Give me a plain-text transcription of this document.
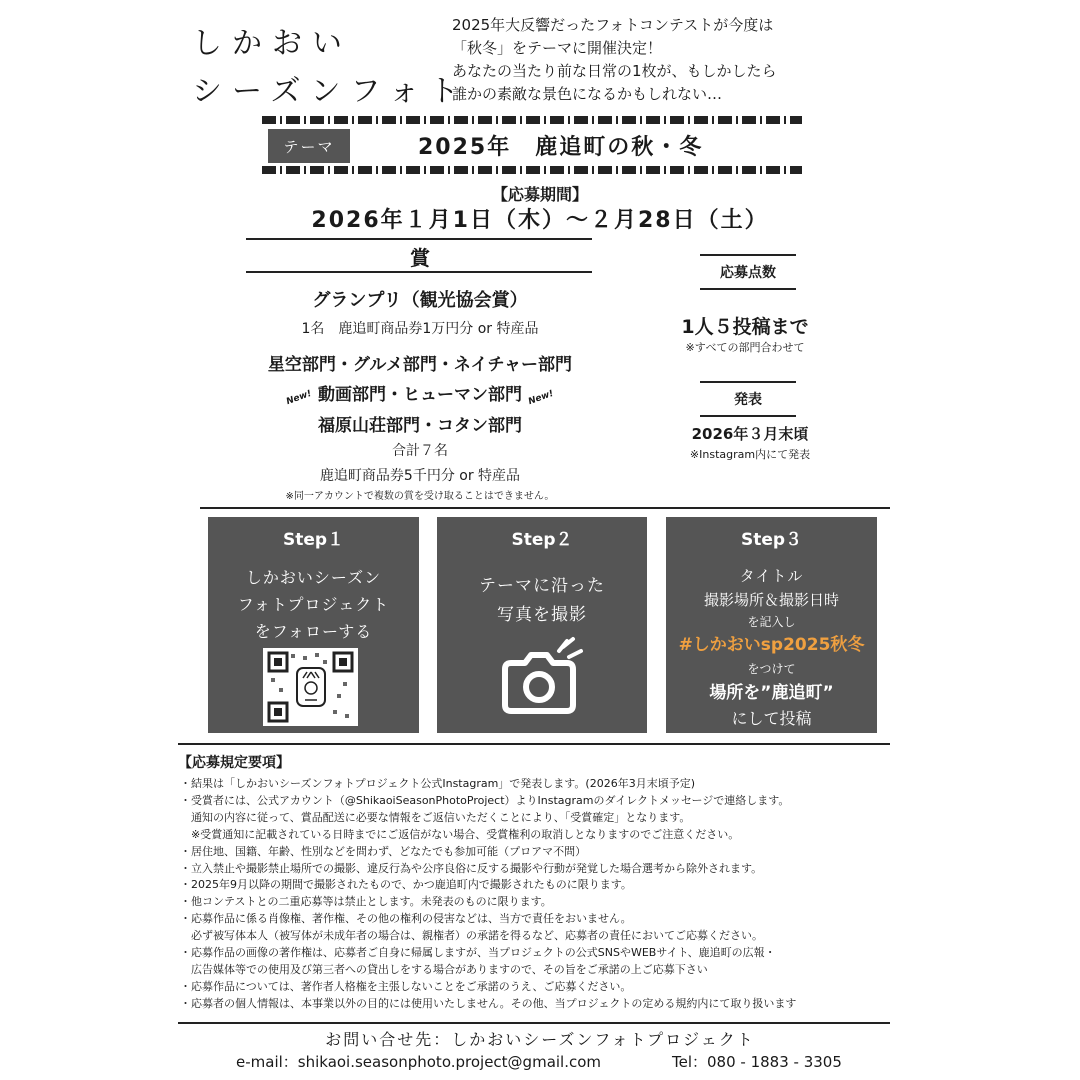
しかおい
シーズンフォト
2025年大反響だったフォトコンテストが今度は
「秋冬」をテーマに開催決定！
あなたの当たり前な日常の1枚が、もしかしたら
誰かの素敵な景色になるかもしれない…
テーマ	2025年　鹿追町の秋・冬
【応募期間】
2026年１月1日（木）～２月28日（土）
賞
グランプリ（観光協会賞）
1名　鹿追町商品券1万円分 or 特産品
星空部門・グルメ部門・ネイチャー部門
New! 動画部門・ヒューマン部門 New!
福原山荘部門・コタン部門
合計７名
鹿追町商品券5千円分 or 特産品
※同一アカウントで複数の賞を受け取ることはできません。
応募点数
1人５投稿まで
※すべての部門合わせて
発表
2026年３月末頃
※Instagram内にて発表
Step１
しかおいシーズン
フォトプロジェクト
をフォローする
Step２
テーマに沿った
写真を撮影
Step３
タイトル
撮影場所＆撮影日時
を記入し
#しかおいsp2025秋冬
をつけて
場所を”鹿追町”
にして投稿
【応募規定要項】
・結果は「しかおいシーズンフォトプロジェクト公式Instagram」で発表します。(2026年3月末頃予定)
・受賞者には、公式アカウント（@ShikaoiSeasonPhotoProject）よりInstagramのダイレクトメッセージで連絡します。
　通知の内容に従って、賞品配送に必要な情報をご返信いただくことにより、「受賞確定」となります。
　※受賞通知に記載されている日時までにご返信がない場合、受賞権利の取消しとなりますのでご注意ください。
・居住地、国籍、年齢、性別などを問わず、どなたでも参加可能（プロアマ不問）
・立入禁止や撮影禁止場所での撮影、違反行為や公序良俗に反する撮影や行動が発覚した場合選考から除外されます。
・2025年9月以降の期間で撮影されたもので、かつ鹿追町内で撮影されたものに限ります。
・他コンテストとの二重応募等は禁止とします。未発表のものに限ります。
・応募作品に係る肖像権、著作権、その他の権利の侵害などは、当方で責任をおいません。
　必ず被写体本人（被写体が未成年者の場合は、親権者）の承諾を得るなど、応募者の責任においてご応募ください。
・応募作品の画像の著作権は、応募者ご自身に帰属しますが、当プロジェクトの公式SNSやWEBサイト、鹿追町の広報・
　広告媒体等での使用及び第三者への貸出しをする場合がありますので、その旨をご承諾の上ご応募下さい
・応募作品については、著作者人格権を主張しないことをご承諾のうえ、ご応募ください。
・応募者の個人情報は、本事業以外の目的には使用いたしません。その他、当プロジェクトの定める規約内にて取り扱います
お問い合せ先：しかおいシーズンフォトプロジェクト
e-mail：shikaoi.seasonphoto.project@gmail.com	Tel：080 - 1883 - 3305
